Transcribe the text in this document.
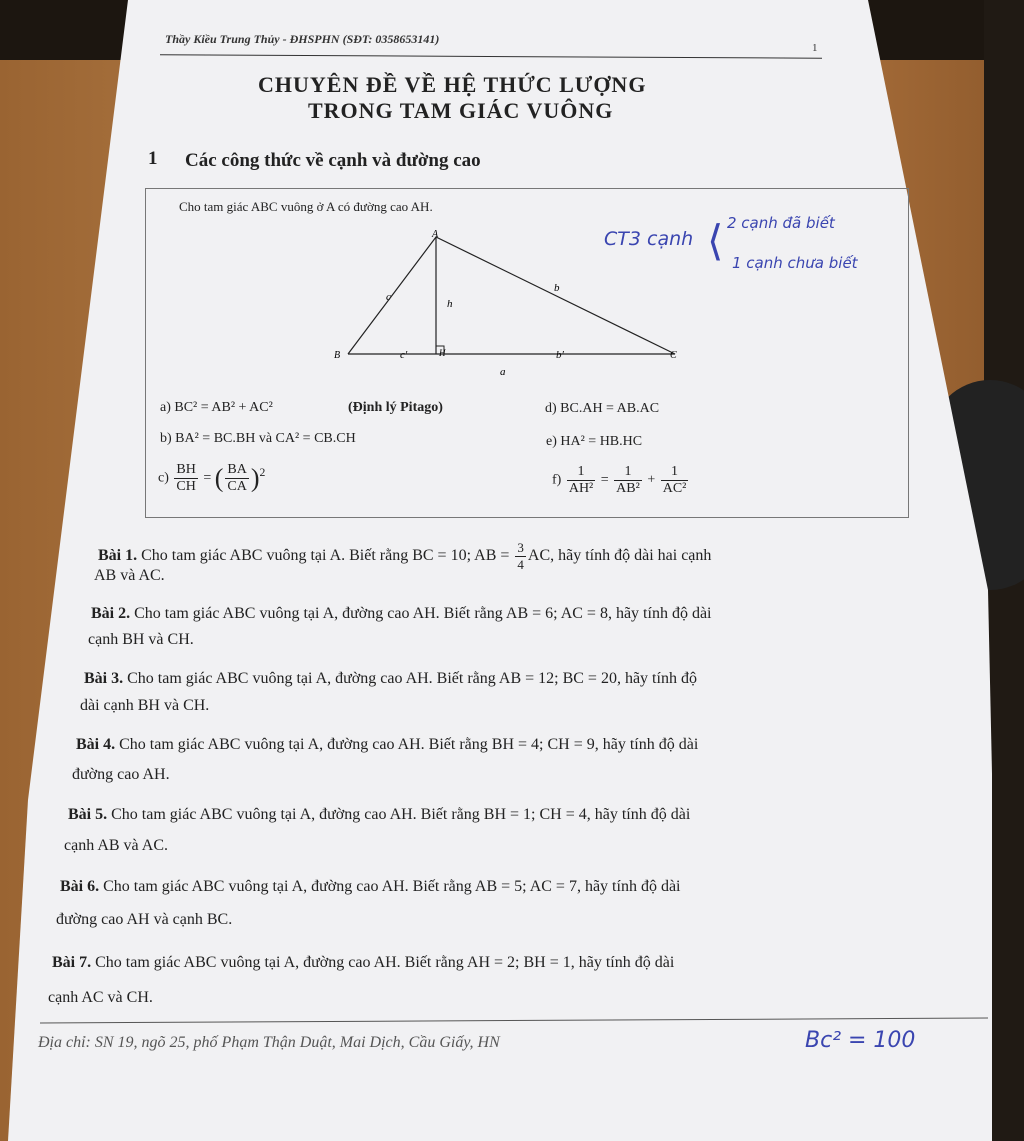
Thầy Kiều Trung Thủy - ĐHSPHN (SĐT: 0358653141)
1
CHUYÊN ĐỀ VỀ HỆ THỨC LƯỢNG
TRONG TAM GIÁC VUÔNG
1 Các công thức về cạnh và đường cao
Cho tam giác ABC vuông ở A có đường cao AH.
A
B	C
H
c
h
b
c′	b′
a
CT3 cạnh ⟨ 2 cạnh đã biết
1 cạnh chưa biết
a) BC² = AB² + AC²	(Định lý Pitago)
b) BA² = BC.BH và CA² = CB.CH
$c) \frac{BH}{CH}$ = ( $\frac{BA}{CA} )^2$
d) BC.AH = AB.AC
e) HA² = HB.HC
$f) \frac{1}{\text{AH²}} = \frac{1}{\text{AB²}} + \frac{1}{\text{AC²}}$
Bài 1. Cho tam giác ABC vuông tại A. Biết rằng BC = 10; AB = $\frac{3}{4}$ AC, hãy tính độ dài hai cạnh
AB và AC.
Bài 2. Cho tam giác ABC vuông tại A, đường cao AH. Biết rằng AB = 6; AC = 8, hãy tính độ dài
cạnh BH và CH.
Bài 3. Cho tam giác ABC vuông tại A, đường cao AH. Biết rằng AB = 12; BC = 20, hãy tính độ
dài cạnh BH và CH.
Bài 4. Cho tam giác ABC vuông tại A, đường cao AH. Biết rằng BH = 4; CH = 9, hãy tính độ dài
đường cao AH.
Bài 5. Cho tam giác ABC vuông tại A, đường cao AH. Biết rằng BH = 1; CH = 4, hãy tính độ dài
cạnh AB và AC.
Bài 6. Cho tam giác ABC vuông tại A, đường cao AH. Biết rằng AB = 5; AC = 7, hãy tính độ dài
đường cao AH và cạnh BC.
Bài 7. Cho tam giác ABC vuông tại A, đường cao AH. Biết rằng AH = 2; BH = 1, hãy tính độ dài
cạnh AC và CH.
Địa chỉ: SN 19, ngõ 25, phố Phạm Thận Duật, Mai Dịch, Cầu Giấy, HN	Bc² = 100
